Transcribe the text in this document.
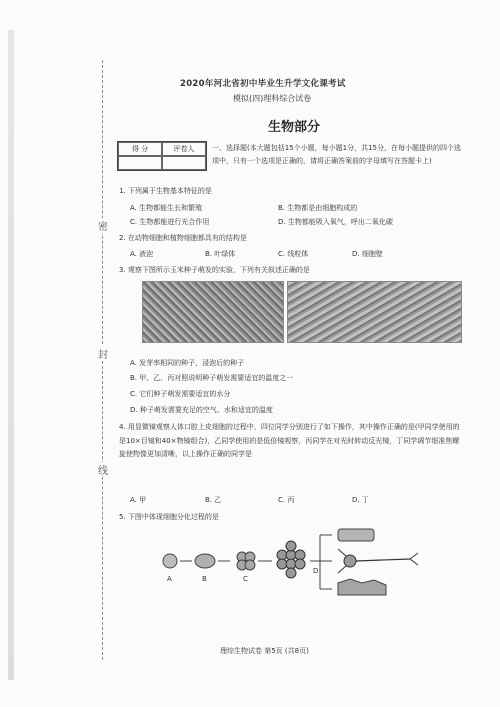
密
封
线
2020年河北省初中毕业生升学文化课考试
模拟(四)理科综合试卷
生物部分
得 分	评卷人	一、选择题(本大题包括15个小题，每小题1分，共15分，在每小题提供的四个选项中，只有一个选项是正确的，请将正确答案前的字母填写在答题卡上)
1. 下列属于生物基本特征的是
A. 生物都能生长和繁殖	B. 生物都是由细胞构成的
C. 生物都能进行光合作用	D. 生物都能吸入氧气，呼出二氧化碳
2. 在动物细胞和植物细胞都具有的结构是
A. 液泡	B. 叶绿体	C. 线粒体	D. 细胞壁
3. 观察下图所示玉米种子萌发的实验，下列有关叙述正确的是
A. 发芽率相同的种子，浸泡后的种子
B. 甲、乙、丙对照说明种子萌发需要适宜的温度之一
C. 它们种子萌发需要适宜的水分
D. 种子萌发需要充足的空气、水和适宜的温度
4. 用显微镜观察人体口腔上皮细胞的过程中，四位同学分别进行了如下操作，其中操作正确的是(甲同学使用的是10×目镜和40×物镜组合)，乙同学使用的是低倍镜观察，丙同学在对光时转动反光镜，丁同学调节细准焦螺旋使物像更加清晰，以上操作正确的同学是
A. 甲	B. 乙	C. 丙	D. 丁
5. 下图中体现细胞分化过程的是
A	B	C
D
理综生物试卷 第5页 (共8页)
